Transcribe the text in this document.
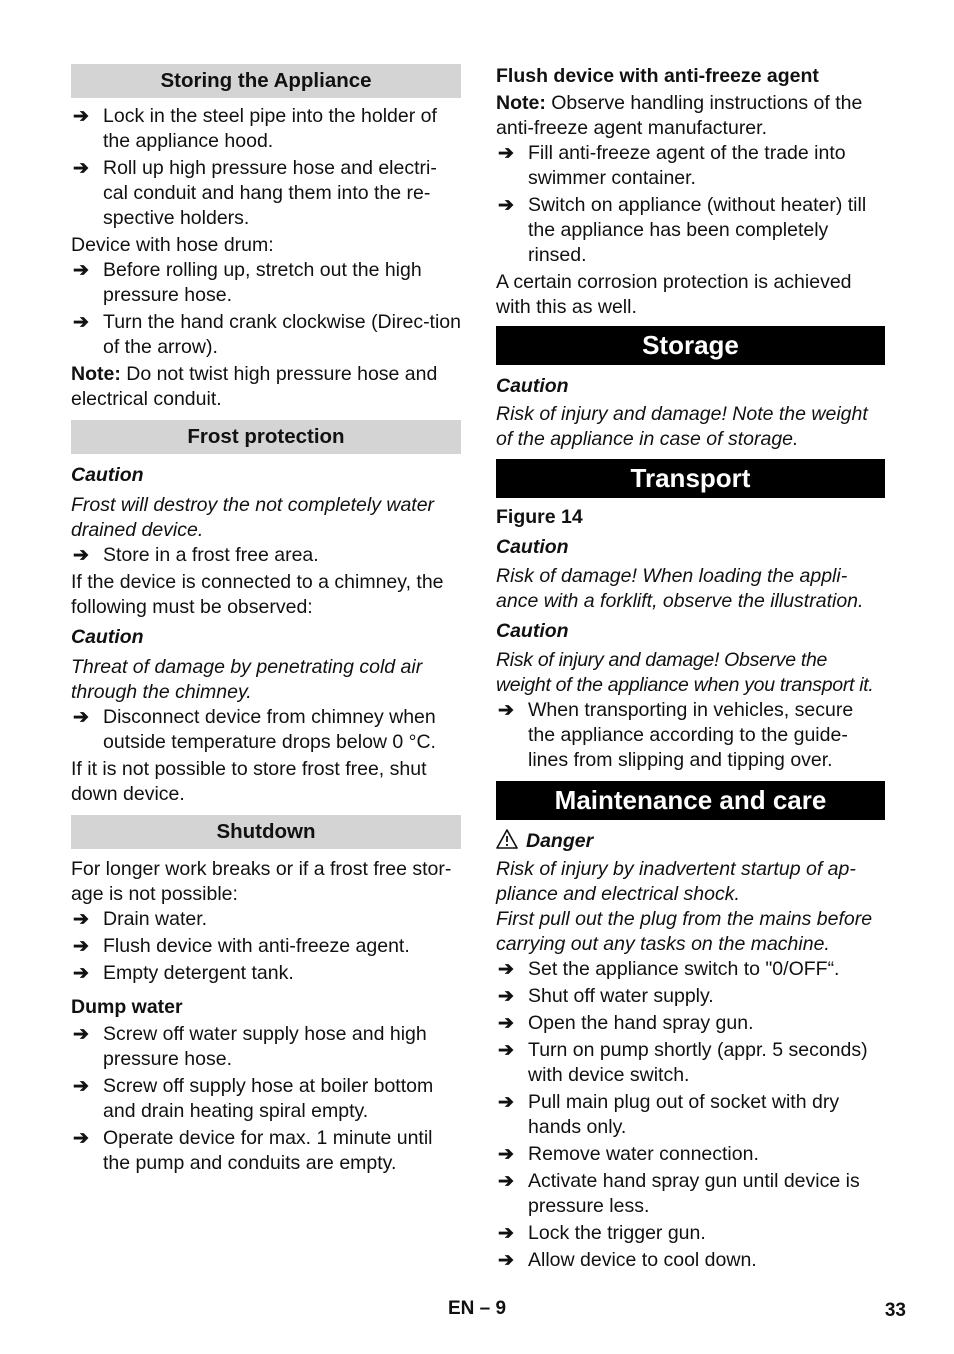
Storing the Appliance
➔ Lock in the steel pipe into the holder of the appliance hood.
➔ Roll up high pressure hose and electri-cal conduit and hang them into the re-spective holders.

Device with hose drum:

➔ Before rolling up, stretch out the high pressure hose.
➔ Turn the hand crank clockwise (Direc-tion of the arrow).

Note: Do not twist high pressure hose and electrical conduit.

Frost protection

Caution

Frost will destroy the not completely water drained device.

➔ Store in a frost free area.

If the device is connected to a chimney, the following must be observed:

Caution

Threat of damage by penetrating cold air through the chimney.

➔ Disconnect device from chimney when outside temperature drops below 0 °C.

If it is not possible to store frost free, shut down device.

Shutdown

For longer work breaks or if a frost free stor-age is not possible:

➔ Drain water.
➔ Flush device with anti-freeze agent.
➔ Empty detergent tank.

Dump water

➔ Screw off water supply hose and high pressure hose.
➔ Screw off supply hose at boiler bottom and drain heating spiral empty.
➔ Operate device for max. 1 minute until the pump and conduits are empty.

Flush device with anti-freeze agent

Note: Observe handling instructions of the anti-freeze agent manufacturer.

➔ Fill anti-freeze agent of the trade into swimmer container.
➔ Switch on appliance (without heater) till the appliance has been completely rinsed.

A certain corrosion protection is achieved with this as well.

Storage

Caution

Risk of injury and damage! Note the weight of the appliance in case of storage.

Transport

Figure 14

Caution

Risk of damage! When loading the appli-ance with a forklift, observe the illustration.

Caution

Risk of injury and damage! Observe the weight of the appliance when you transport it.

➔ When transporting in vehicles, secure the appliance according to the guide-lines from slipping and tipping over.
Maintenance and care

Danger

Risk of injury by inadvertent startup of ap-pliance and electrical shock.

First pull out the plug from the mains before carrying out any tasks on the machine.

➔ Set the appliance switch to "0/OFF“.
➔ Shut off water supply.
➔ Open the hand spray gun.
➔ Turn on pump shortly (appr. 5 seconds) with device switch.
➔ Pull main plug out of socket with dry hands only.
➔ Remove water connection.
➔ Activate hand spray gun until device is pressure less.
➔ Lock the trigger gun.
➔ Allow device to cool down.
EN – 9	33
